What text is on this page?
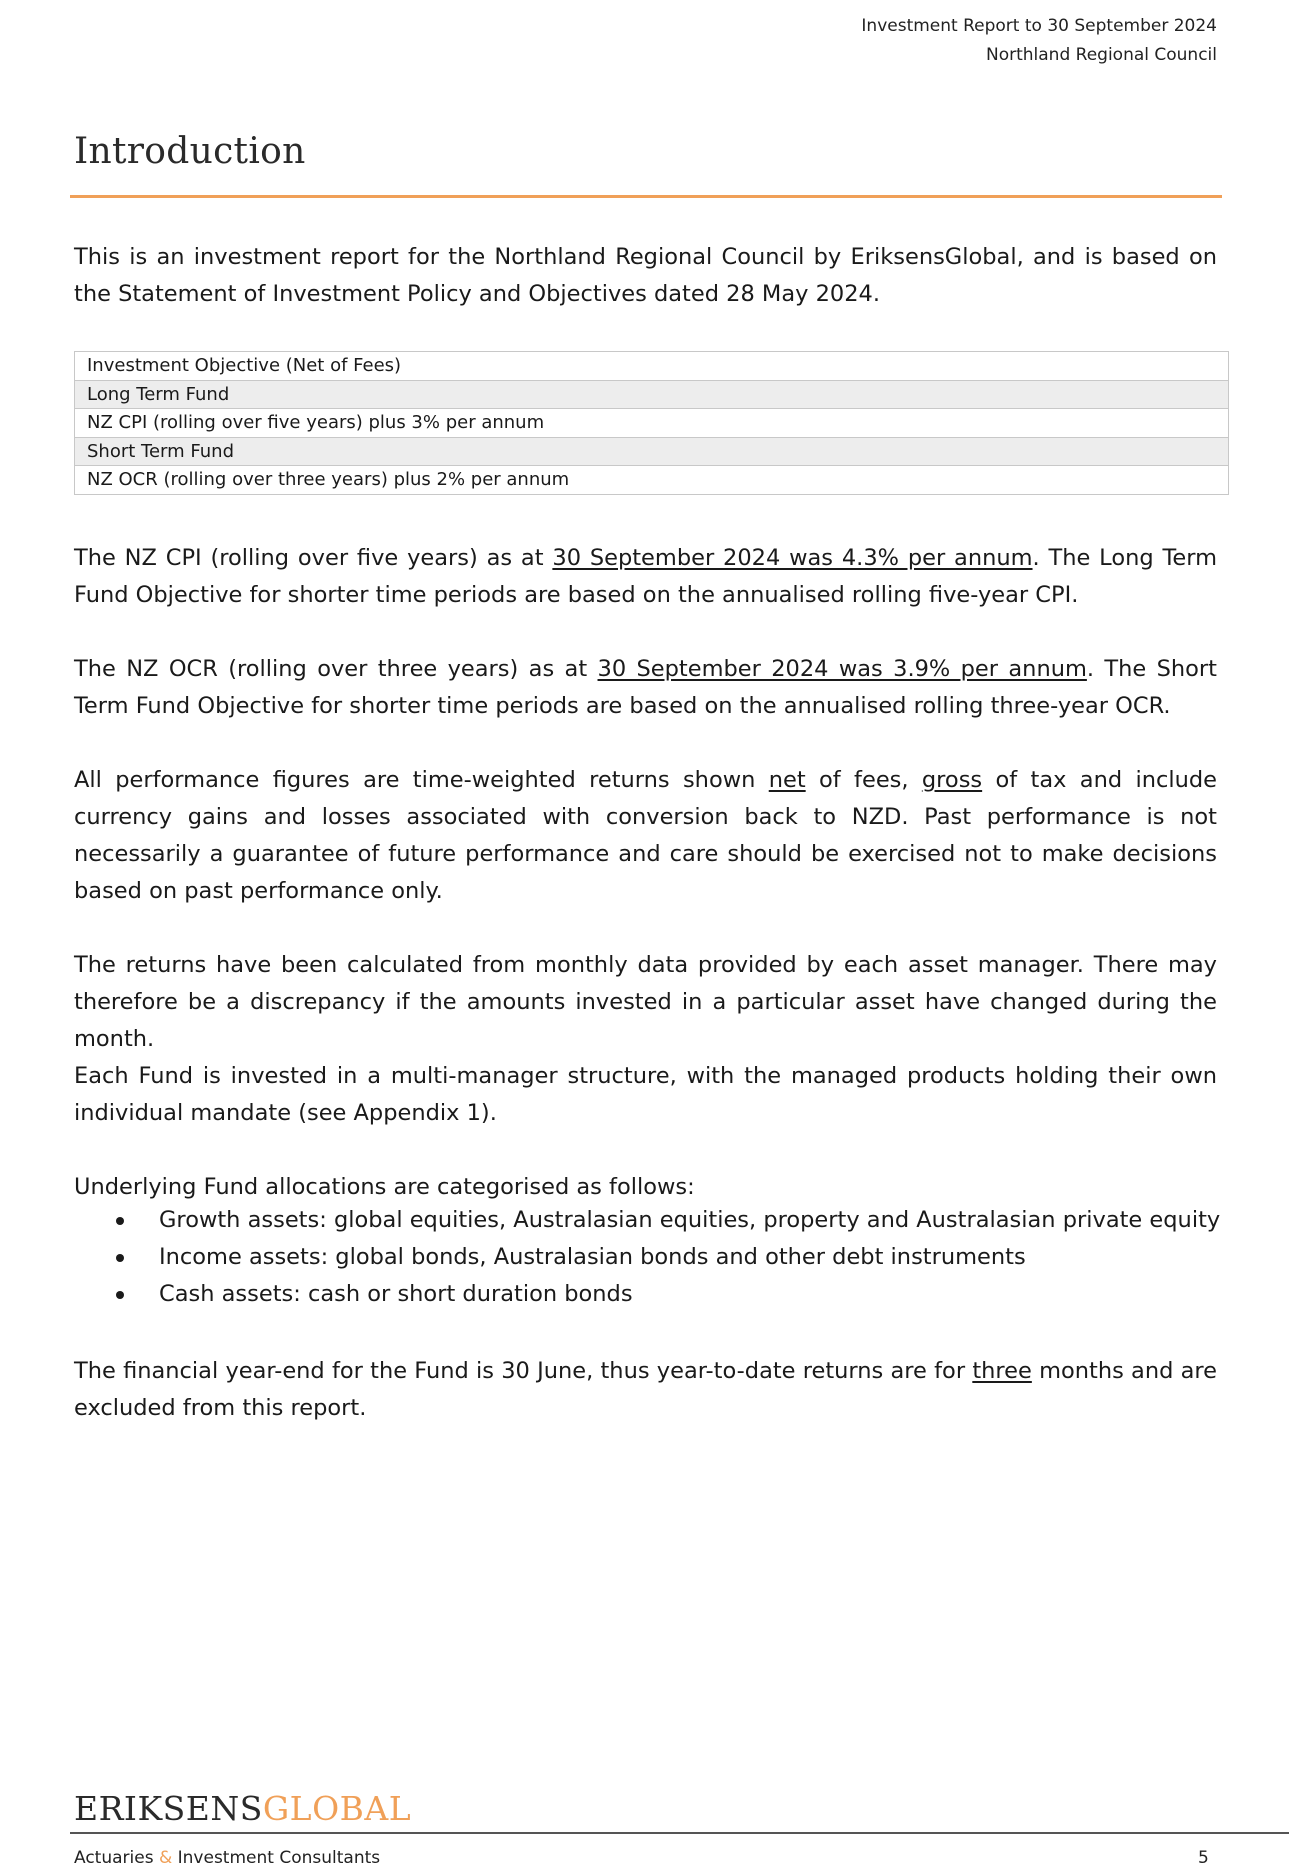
Investment Report to 30 September 2024
Northland Regional Council
Introduction

This is an investment report for the Northland Regional Council by EriksensGlobal, and is based on the Statement of Investment Policy and Objectives dated 28 May 2024.

Investment Objective (Net of Fees)
Long Term Fund
NZ CPI (rolling over five years) plus 3% per annum
Short Term Fund
NZ OCR (rolling over three years) plus 2% per annum

The NZ CPI (rolling over five years) as at 30 September 2024 was 4.3% per annum. The Long Term Fund Objective for shorter time periods are based on the annualised rolling five-year CPI.

The NZ OCR (rolling over three years) as at 30 September 2024 was 3.9% per annum. The Short Term Fund Objective for shorter time periods are based on the annualised rolling three-year OCR.

All performance figures are time-weighted returns shown net of fees, gross of tax and include currency gains and losses associated with conversion back to NZD. Past performance is not necessarily a guarantee of future performance and care should be exercised not to make decisions based on past performance only.

The returns have been calculated from monthly data provided by each asset manager. There may therefore be a discrepancy if the amounts invested in a particular asset have changed during the month.

Each Fund is invested in a multi-manager structure, with the managed products holding their own individual mandate (see Appendix 1).

Underlying Fund allocations are categorised as follows:

Growth assets: global equities, Australasian equities, property and Australasian private equity
Income assets: global bonds, Australasian bonds and other debt instruments
Cash assets: cash or short duration bonds

The financial year-end for the Fund is 30 June, thus year-to-date returns are for three months and are excluded from this report.

ERIKSENSGLOBAL
Actuaries & Investment Consultants	5
